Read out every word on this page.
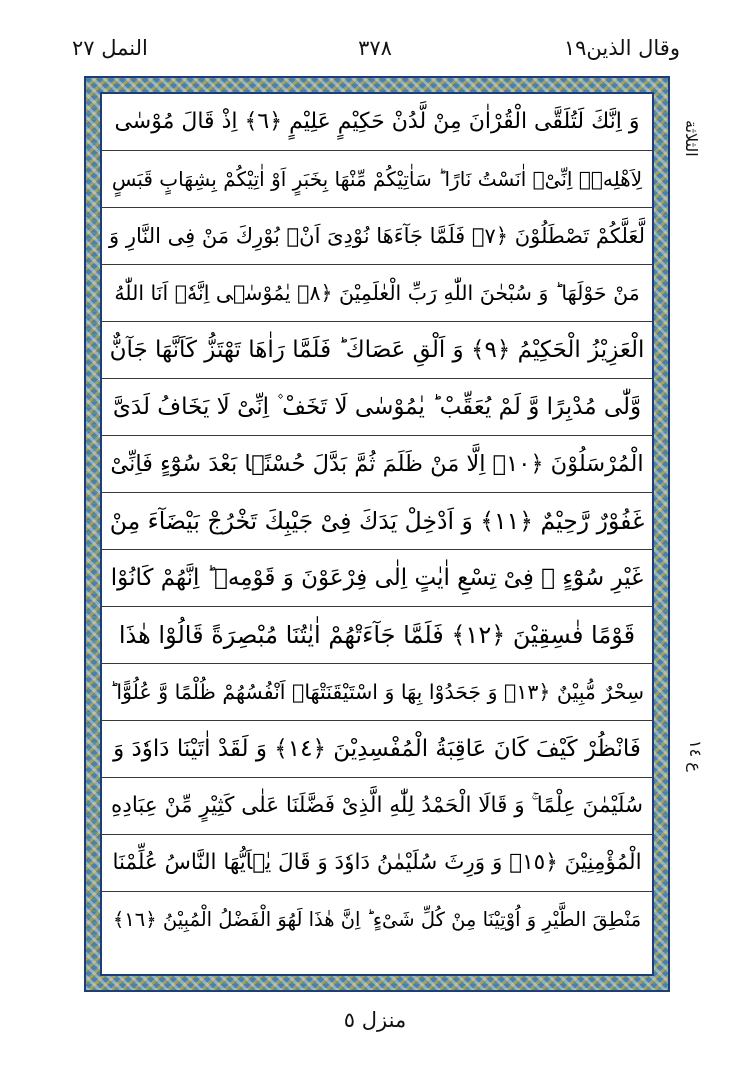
وقال الذين١٩
٣٧٨
النمل ٢٧
الثلاثة
ع ١٤
وَ اِنَّكَ لَتُلَقَّى الْقُرْاٰنَ مِنْ لَّدُنْ حَكِیْمٍ عَلِیْمٍ ﴿٦﴾ اِذْ قَالَ مُوْسٰى
لِاَهْلِهٖۤ اِنِّیْۤ اٰنَسْتُ نَارًا ؕ سَاٰتِیْكُمْ مِّنْهَا بِخَبَرٍ اَوْ اٰتِیْكُمْ بِشِهَابٍ قَبَسٍ
لَّعَلَّكُمْ تَصْطَلُوْنَ ﴿٧﴾ فَلَمَّا جَآءَهَا نُوْدِیَ اَنْۢ بُوْرِكَ مَنْ فِی النَّارِ وَ
مَنْ حَوْلَهَا ؕ وَ سُبْحٰنَ اللّٰهِ رَبِّ الْعٰلَمِیْنَ ﴿٨﴾ یٰمُوْسٰۤى اِنَّهٗۤ اَنَا اللّٰهُ
الْعَزِیْزُ الْحَكِیْمُ ﴿٩﴾ وَ اَلْقِ عَصَاكَ ؕ فَلَمَّا رَاٰهَا تَهْتَزُّ كَاَنَّهَا جَآنٌّ
وَّلّٰى مُدْبِرًا وَّ لَمْ یُعَقِّبْ ؕ یٰمُوْسٰى لَا تَخَفْ ۫ اِنِّیْ لَا یَخَافُ لَدَیَّ
الْمُرْسَلُوْنَ ﴿١٠﴾ اِلَّا مَنْ ظَلَمَ ثُمَّ بَدَّلَ حُسْنًۢا بَعْدَ سُوْٓءٍ فَاِنِّیْ
غَفُوْرٌ رَّحِیْمٌ ﴿١١﴾ وَ اَدْخِلْ یَدَكَ فِیْ جَیْبِكَ تَخْرُجْ بَیْضَآءَ مِنْ
غَیْرِ سُوْٓءٍ ۫ فِیْ تِسْعِ اٰیٰتٍ اِلٰى فِرْعَوْنَ وَ قَوْمِهٖ ؕ اِنَّهُمْ كَانُوْا
قَوْمًا فٰسِقِیْنَ ﴿١٢﴾ فَلَمَّا جَآءَتْهُمْ اٰیٰتُنَا مُبْصِرَةً قَالُوْا هٰذَا
سِحْرٌ مُّبِیْنٌ ﴿١٣﴾ وَ جَحَدُوْا بِهَا وَ اسْتَیْقَنَتْهَاۤ اَنْفُسُهُمْ ظُلْمًا وَّ عُلُوًّا ؕ
فَانْظُرْ كَیْفَ كَانَ عَاقِبَةُ الْمُفْسِدِیْنَ ﴿١٤﴾ وَ لَقَدْ اٰتَیْنَا دَاوٗدَ وَ
سُلَیْمٰنَ عِلْمًا ۚ وَ قَالَا الْحَمْدُ لِلّٰهِ الَّذِیْ فَضَّلَنَا عَلٰى كَثِیْرٍ مِّنْ عِبَادِهِ
الْمُؤْمِنِیْنَ ﴿١٥﴾ وَ وَرِثَ سُلَیْمٰنُ دَاوٗدَ وَ قَالَ یٰۤاَیُّهَا النَّاسُ عُلِّمْنَا
مَنْطِقَ الطَّیْرِ وَ اُوْتِیْنَا مِنْ كُلِّ شَیْءٍ ؕ اِنَّ هٰذَا لَهُوَ الْفَضْلُ الْمُبِیْنُ ﴿١٦﴾
منزل ٥
